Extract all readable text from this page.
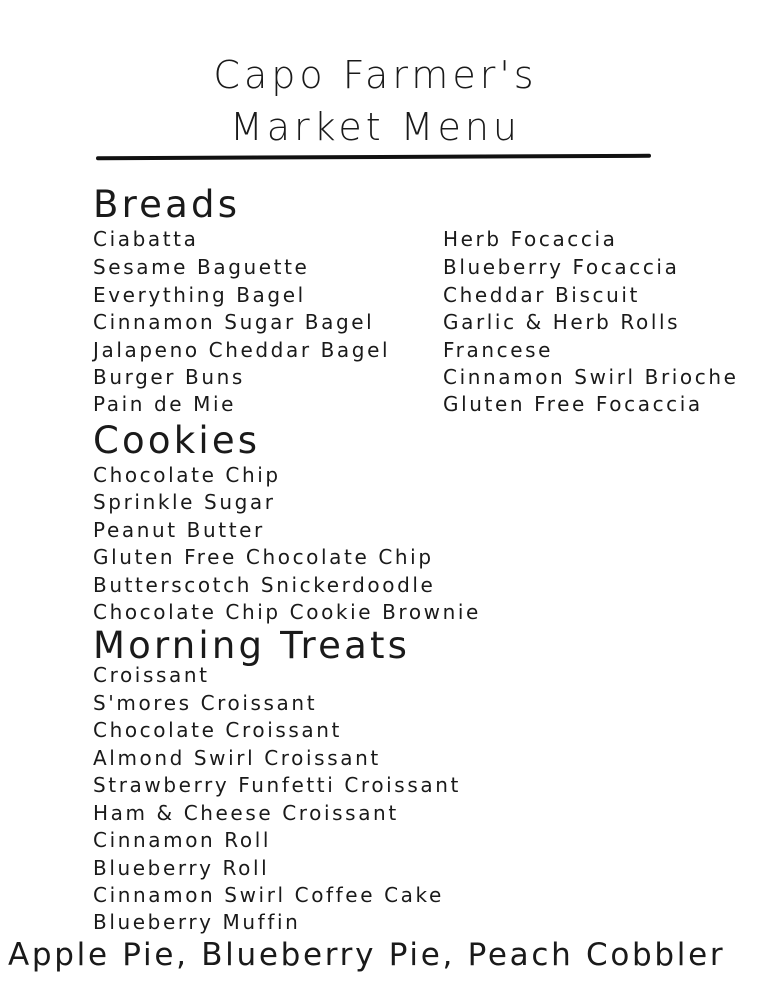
Capo Farmer's
Market Menu
Breads
Ciabatta
Sesame Baguette
Everything Bagel
Cinnamon Sugar Bagel
Jalapeno Cheddar Bagel
Burger Buns
Pain de Mie
Herb Focaccia
Blueberry Focaccia
Cheddar Biscuit
Garlic & Herb Rolls
Francese
Cinnamon Swirl Brioche
Gluten Free Focaccia
Cookies
Chocolate Chip
Sprinkle Sugar
Peanut Butter
Gluten Free Chocolate Chip
Butterscotch Snickerdoodle
Chocolate Chip Cookie Brownie
Morning Treats
Croissant
S'mores Croissant
Chocolate Croissant
Almond Swirl Croissant
Strawberry Funfetti Croissant
Ham & Cheese Croissant
Cinnamon Roll
Blueberry Roll
Cinnamon Swirl Coffee Cake
Blueberry Muffin
Apple Pie, Blueberry Pie, Peach Cobbler
